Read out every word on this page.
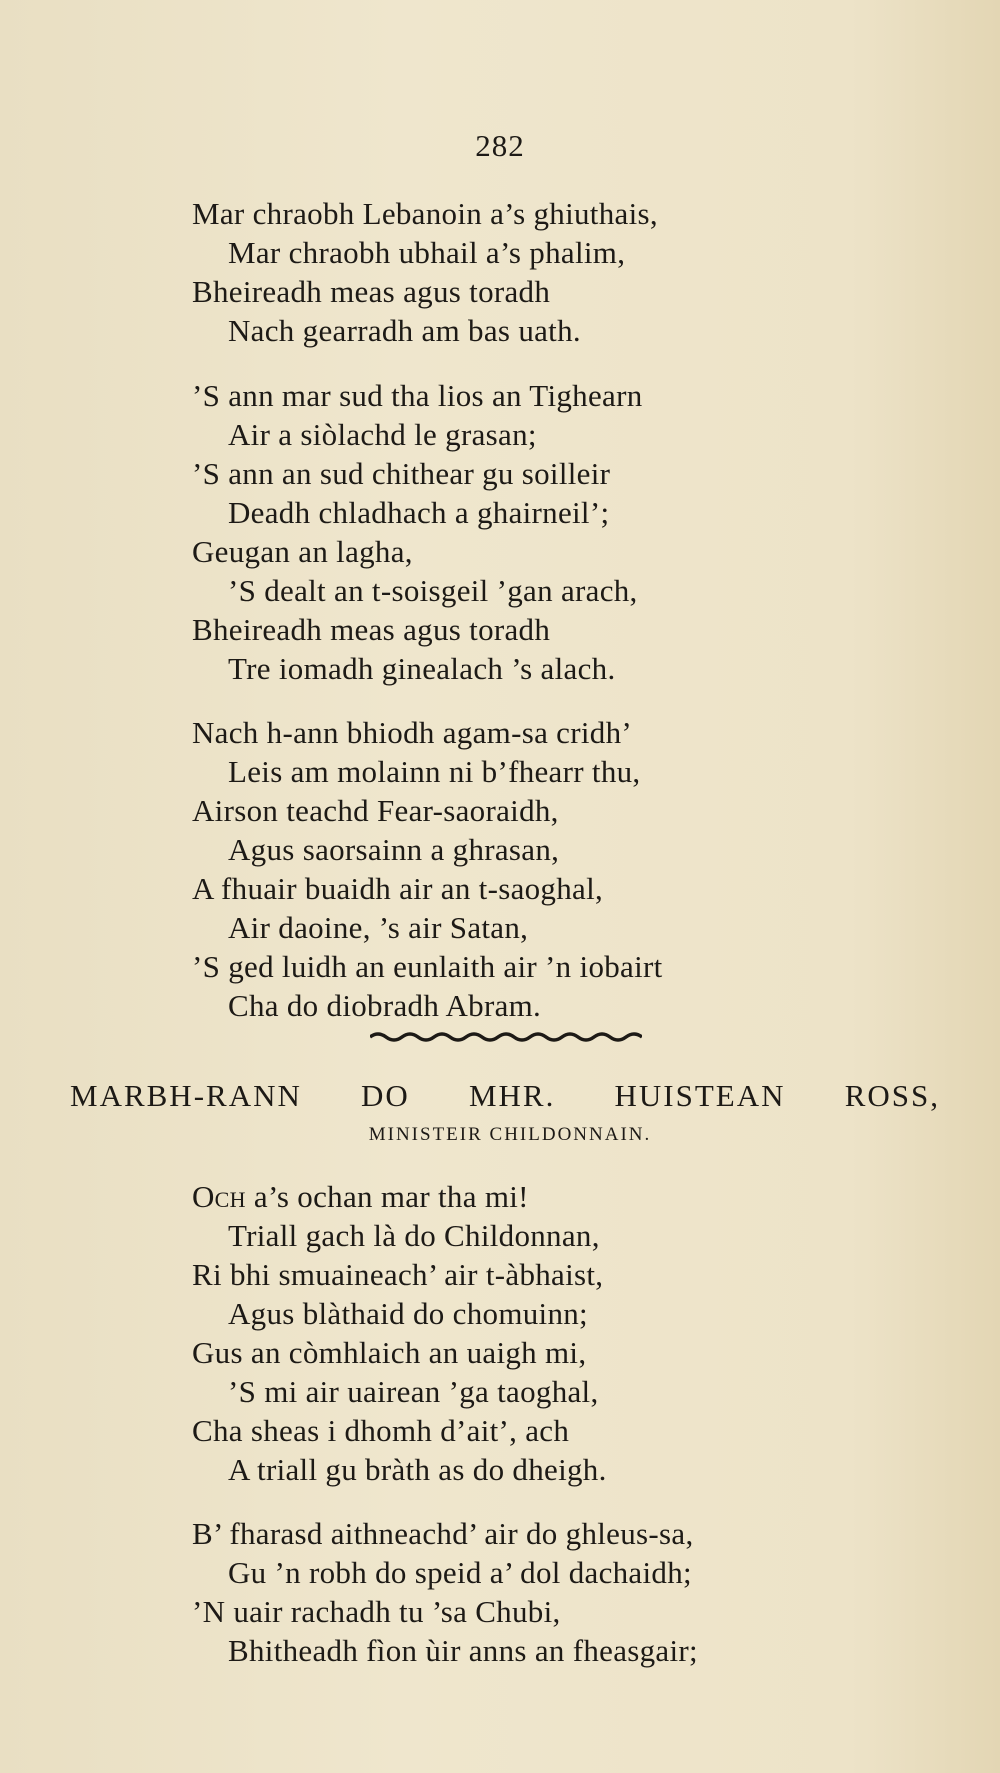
282
Mar chraobh Lebanoin a’s ghiuthais,
Mar chraobh ubhail a’s phalim,
Bheireadh meas agus toradh
Nach gearradh am bas uath.
’S ann mar sud tha lios an Tighearn
Air a siòlachd le grasan;
’S ann an sud chithear gu soilleir
Deadh chladhach a ghairneil’;
Geugan an lagha,
’S dealt an t-soisgeil ’gan arach,
Bheireadh meas agus toradh
Tre iomadh ginealach ’s alach.
Nach h-ann bhiodh agam-sa cridh’
Leis am molainn ni b’fhearr thu,
Airson teachd Fear-saoraidh,
Agus saorsainn a ghrasan,
A fhuair buaidh air an t-saoghal,
Air daoine, ’s air Satan,
’S ged luidh an eunlaith air ’n iobairt
Cha do diobradh Abram.
MARBH-RANN DO MHR. HUISTEAN ROSS,
MINISTEIR CHILDONNAIN.
Och a’s ochan mar tha mi!
Triall gach là do Childonnan,
Ri bhi smuaineach’ air t-àbhaist,
Agus blàthaid do chomuinn;
Gus an còmhlaich an uaigh mi,
’S mi air uairean ’ga taoghal,
Cha sheas i dhomh d’ait’, ach
A triall gu bràth as do dheigh.
B’ fharasd aithneachd’ air do ghleus-sa,
Gu ’n robh do speid a’ dol dachaidh;
’N uair rachadh tu ’sa Chubi,
Bhitheadh fìon ùir anns an fheasgair;
